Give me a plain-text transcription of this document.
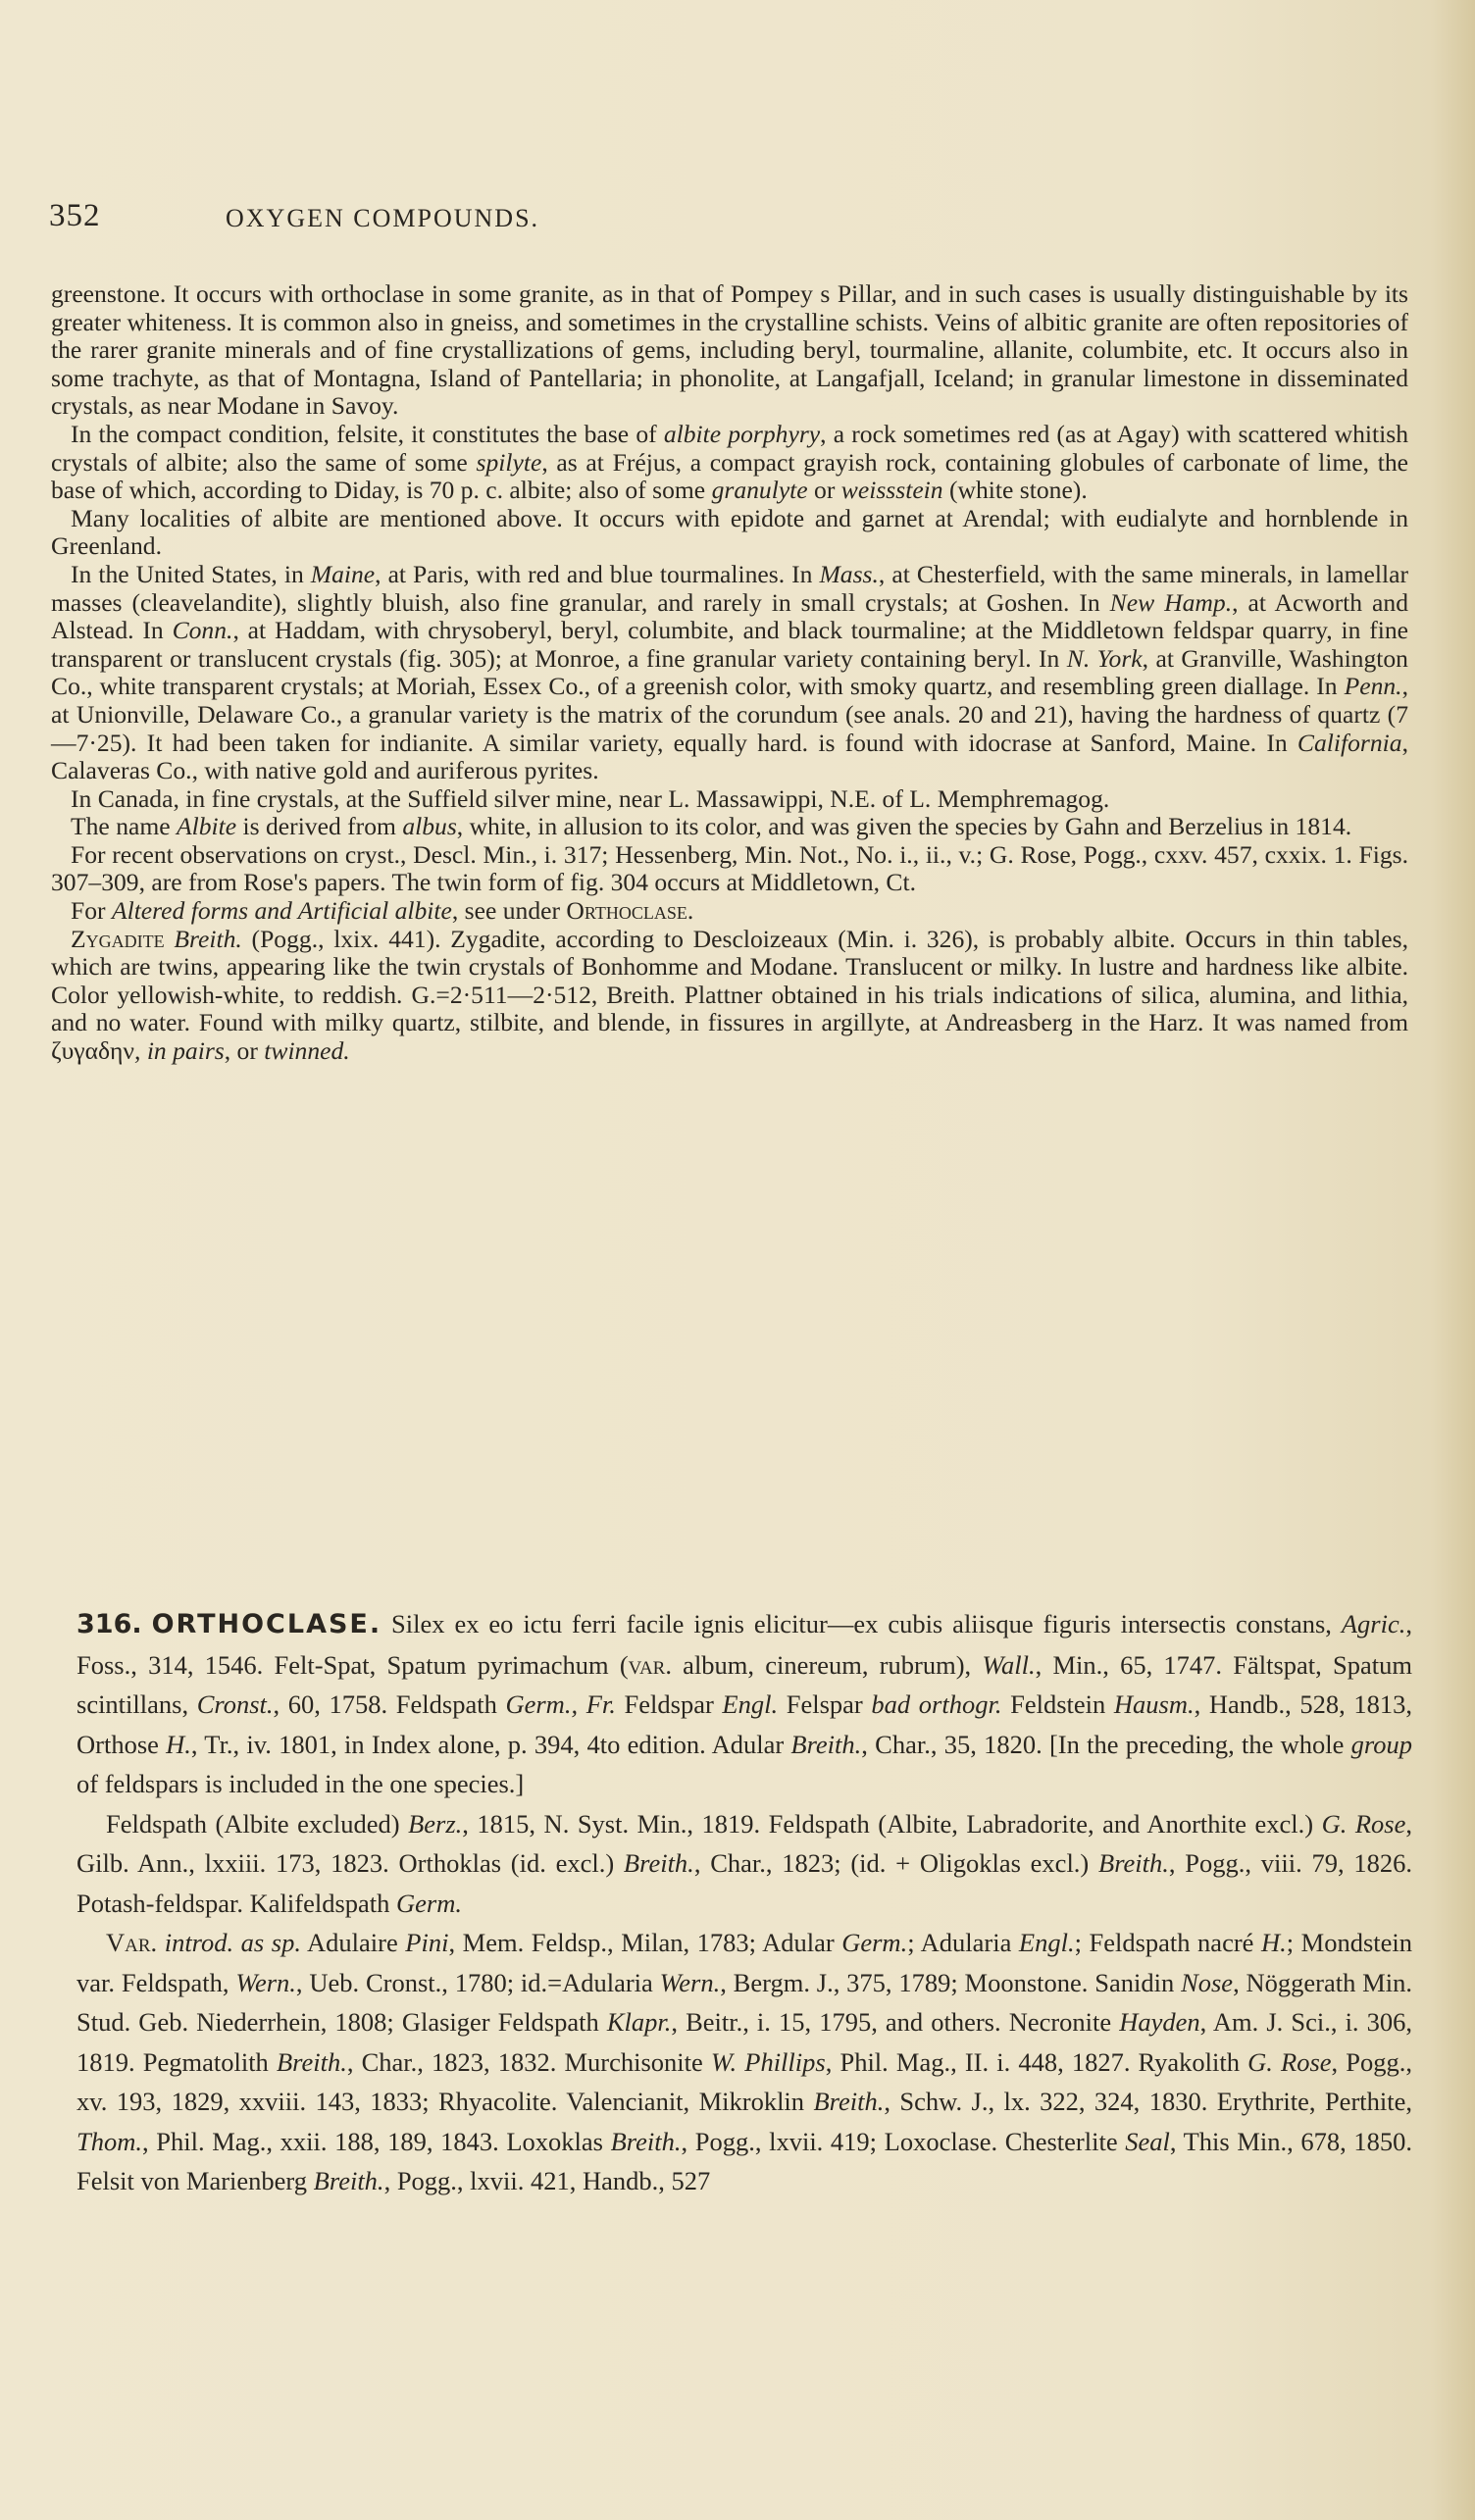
352	OXYGEN COMPOUNDS.

greenstone. It occurs with orthoclase in some granite, as in that of Pompey s Pillar, and in such cases is usually distinguishable by its greater whiteness. It is common also in gneiss, and sometimes in the crystalline schists. Veins of albitic granite are often repositories of the rarer granite minerals and of fine crystallizations of gems, including beryl, tourmaline, allanite, columbite, etc. It occurs also in some trachyte, as that of Montagna, Island of Pantellaria; in phonolite, at Langafjall, Iceland; in granular limestone in disseminated crystals, as near Modane in Savoy.

In the compact condition, felsite, it constitutes the base of albite porphyry, a rock sometimes red (as at Agay) with scattered whitish crystals of albite; also the same of some spilyte, as at Fréjus, a compact grayish rock, containing globules of carbonate of lime, the base of which, according to Diday, is 70 p. c. albite; also of some granulyte or weissstein (white stone).

Many localities of albite are mentioned above. It occurs with epidote and garnet at Arendal; with eudialyte and hornblende in Greenland.

In the United States, in Maine, at Paris, with red and blue tourmalines. In Mass., at Chesterfield, with the same minerals, in lamellar masses (cleavelandite), slightly bluish, also fine granular, and rarely in small crystals; at Goshen. In New Hamp., at Acworth and Alstead. In Conn., at Haddam, with chrysoberyl, beryl, columbite, and black tourmaline; at the Middletown feldspar quarry, in fine transparent or translucent crystals (fig. 305); at Monroe, a fine granular variety containing beryl. In N. York, at Granville, Washington Co., white transparent crystals; at Moriah, Essex Co., of a greenish color, with smoky quartz, and resembling green diallage. In Penn., at Unionville, Delaware Co., a granular variety is the matrix of the corundum (see anals. 20 and 21), having the hardness of quartz (7—7·25). It had been taken for indianite. A similar variety, equally hard. is found with idocrase at Sanford, Maine. In California, Calaveras Co., with native gold and auriferous pyrites.

In Canada, in fine crystals, at the Suffield silver mine, near L. Massawippi, N.E. of L. Memphremagog.

The name Albite is derived from albus, white, in allusion to its color, and was given the species by Gahn and Berzelius in 1814.

For recent observations on cryst., Descl. Min., i. 317; Hessenberg, Min. Not., No. i., ii., v.; G. Rose, Pogg., cxxv. 457, cxxix. 1. Figs. 307–309, are from Rose's papers. The twin form of fig. 304 occurs at Middletown, Ct.

For Altered forms and Artificial albite, see under Orthoclase.

Zygadite Breith. (Pogg., lxix. 441). Zygadite, according to Descloizeaux (Min. i. 326), is probably albite. Occurs in thin tables, which are twins, appearing like the twin crystals of Bonhomme and Modane. Translucent or milky. In lustre and hardness like albite. Color yellowish-white, to reddish. G.=2·511—2·512, Breith. Plattner obtained in his trials indications of silica, alumina, and lithia, and no water. Found with milky quartz, stilbite, and blende, in fissures in argillyte, at Andreasberg in the Harz. It was named from ζυγαδην, in pairs, or twinned.

316. ORTHOCLASE. Silex ex eo ictu ferri facile ignis elicitur—ex cubis aliisque figuris intersectis constans, Agric., Foss., 314, 1546. Felt-Spat, Spatum pyrimachum (var. album, cinereum, rubrum), Wall., Min., 65, 1747. Fältspat, Spatum scintillans, Cronst., 60, 1758. Feldspath Germ., Fr. Feldspar Engl. Felspar bad orthogr. Feldstein Hausm., Handb., 528, 1813, Orthose H., Tr., iv. 1801, in Index alone, p. 394, 4to edition. Adular Breith., Char., 35, 1820. [In the preceding, the whole group of feldspars is included in the one species.]

Feldspath (Albite excluded) Berz., 1815, N. Syst. Min., 1819. Feldspath (Albite, Labradorite, and Anorthite excl.) G. Rose, Gilb. Ann., lxxiii. 173, 1823. Orthoklas (id. excl.) Breith., Char., 1823; (id. + Oligoklas excl.) Breith., Pogg., viii. 79, 1826. Potash-feldspar. Kalifeldspath Germ.

Var. introd. as sp. Adulaire Pini, Mem. Feldsp., Milan, 1783; Adular Germ.; Adularia Engl.; Feldspath nacré H.; Mondstein var. Feldspath, Wern., Ueb. Cronst., 1780; id.=Adularia Wern., Bergm. J., 375, 1789; Moonstone. Sanidin Nose, Nöggerath Min. Stud. Geb. Niederrhein, 1808; Glasiger Feldspath Klapr., Beitr., i. 15, 1795, and others. Necronite Hayden, Am. J. Sci., i. 306, 1819. Pegmatolith Breith., Char., 1823, 1832. Murchisonite W. Phillips, Phil. Mag., II. i. 448, 1827. Ryakolith G. Rose, Pogg., xv. 193, 1829, xxviii. 143, 1833; Rhyacolite. Valencianit, Mikroklin Breith., Schw. J., lx. 322, 324, 1830. Erythrite, Perthite, Thom., Phil. Mag., xxii. 188, 189, 1843. Loxoklas Breith., Pogg., lxvii. 419; Loxoclase. Chesterlite Seal, This Min., 678, 1850. Felsit von Marienberg Breith., Pogg., lxvii. 421, Handb., 527
